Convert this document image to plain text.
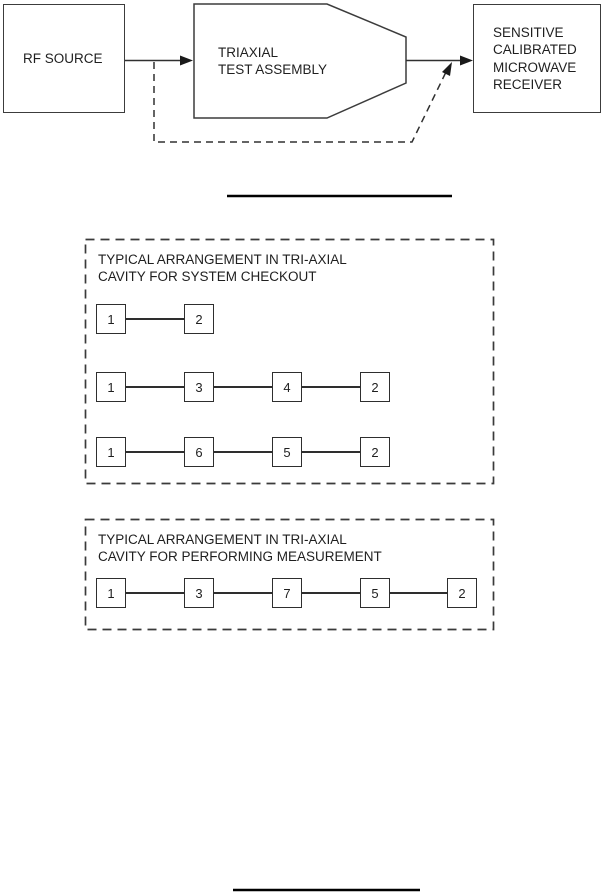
RF SOURCE	TRIAXIAL
TEST ASSEMBLY
SENSITIVE
CALIBRATED
MICROWAVE
RECEIVER
TYPICAL ARRANGEMENT IN TRI-AXIAL
CAVITY FOR SYSTEM CHECKOUT
1	2
1	3	4	2
1	6	5	2
TYPICAL ARRANGEMENT IN TRI-AXIAL
CAVITY FOR PERFORMING MEASUREMENT
1	3	7	5	2
